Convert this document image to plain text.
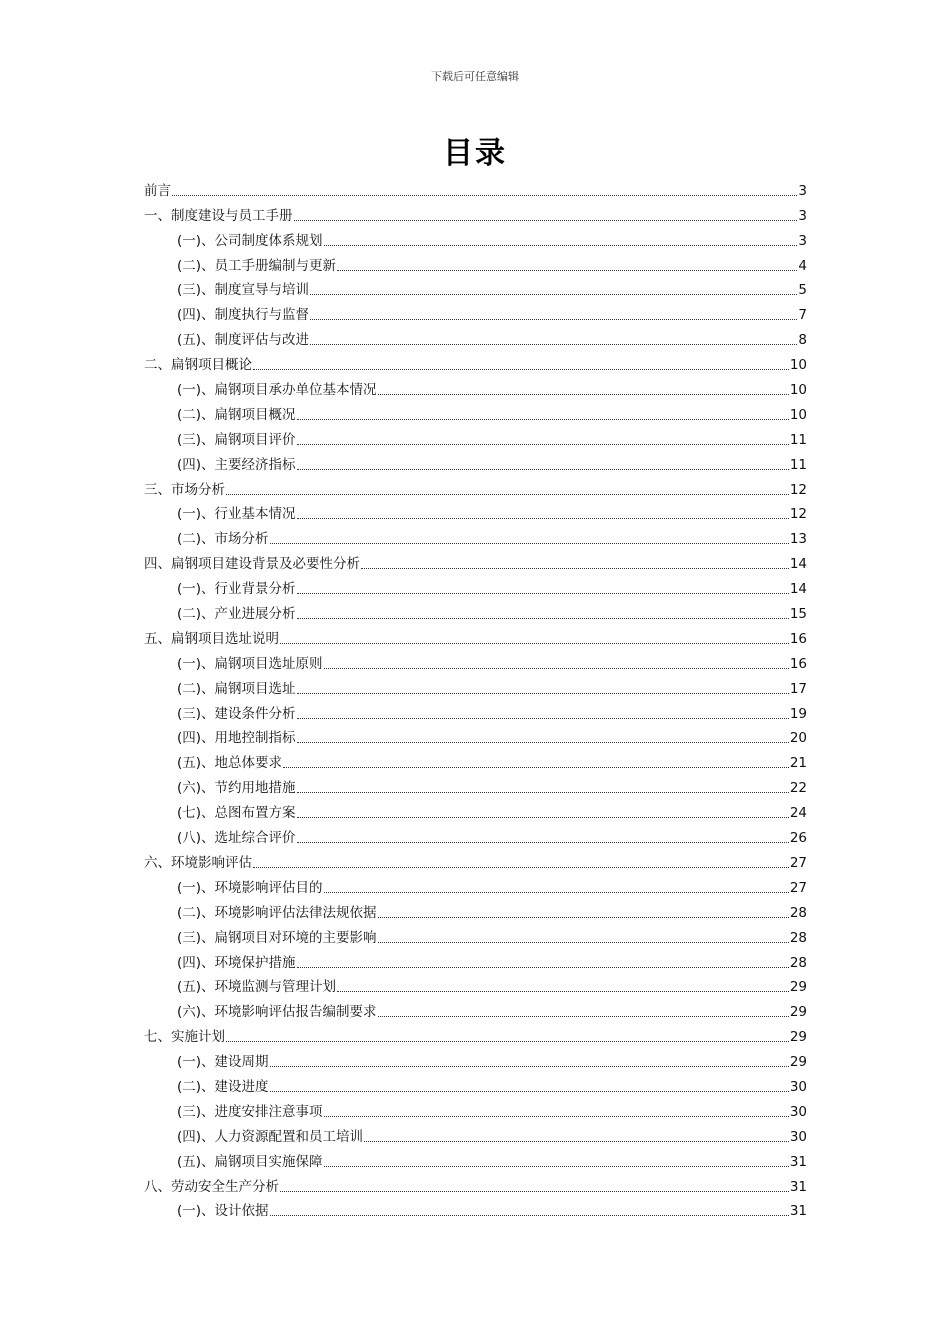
下载后可任意编辑
目录
前言	3
一、制度建设与员工手册	3
(一)、公司制度体系规划	3
(二)、员工手册编制与更新	4
(三)、制度宣导与培训	5
(四)、制度执行与监督	7
(五)、制度评估与改进	8
二、扁钢项目概论	10
(一)、扁钢项目承办单位基本情况	10
(二)、扁钢项目概况	10
(三)、扁钢项目评价	11
(四)、主要经济指标	11
三、市场分析	12
(一)、行业基本情况	12
(二)、市场分析	13
四、扁钢项目建设背景及必要性分析	14
(一)、行业背景分析	14
(二)、产业进展分析	15
五、扁钢项目选址说明	16
(一)、扁钢项目选址原则	16
(二)、扁钢项目选址	17
(三)、建设条件分析	19
(四)、用地控制指标	20
(五)、地总体要求	21
(六)、节约用地措施	22
(七)、总图布置方案	24
(八)、选址综合评价	26
六、环境影响评估	27
(一)、环境影响评估目的	27
(二)、环境影响评估法律法规依据	28
(三)、扁钢项目对环境的主要影响	28
(四)、环境保护措施	28
(五)、环境监测与管理计划	29
(六)、环境影响评估报告编制要求	29
七、实施计划	29
(一)、建设周期	29
(二)、建设进度	30
(三)、进度安排注意事项	30
(四)、人力资源配置和员工培训	30
(五)、扁钢项目实施保障	31
八、劳动安全生产分析	31
(一)、设计依据	31
